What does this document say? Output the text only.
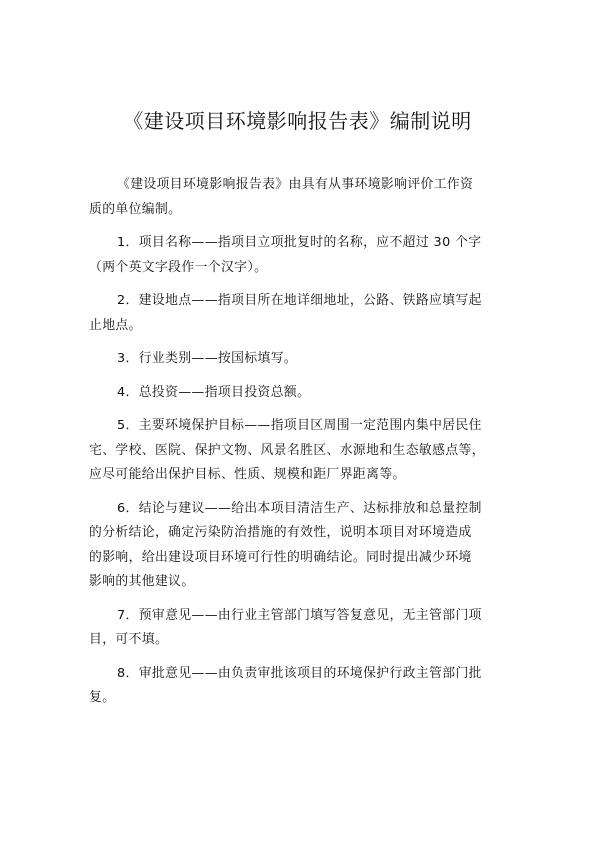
《建设项目环境影响报告表》编制说明

《建设项目环境影响报告表》由具有从事环境影响评价工作资
质的单位编制。

1．项目名称——指项目立项批复时的名称，应不超过 30 个字
（两个英文字段作一个汉字）。

2．建设地点——指项目所在地详细地址，公路、铁路应填写起
止地点。

3．行业类别——按国标填写。

4．总投资——指项目投资总额。

5．主要环境保护目标——指项目区周围一定范围内集中居民住
宅、学校、医院、保护文物、风景名胜区、水源地和生态敏感点等，
应尽可能给出保护目标、性质、规模和距厂界距离等。

6．结论与建议——给出本项目清洁生产、达标排放和总量控制
的分析结论，确定污染防治措施的有效性，说明本项目对环境造成
的影响，给出建设项目环境可行性的明确结论。同时提出减少环境
影响的其他建议。

7．预审意见——由行业主管部门填写答复意见，无主管部门项
目，可不填。

8．审批意见——由负责审批该项目的环境保护行政主管部门批
复。
